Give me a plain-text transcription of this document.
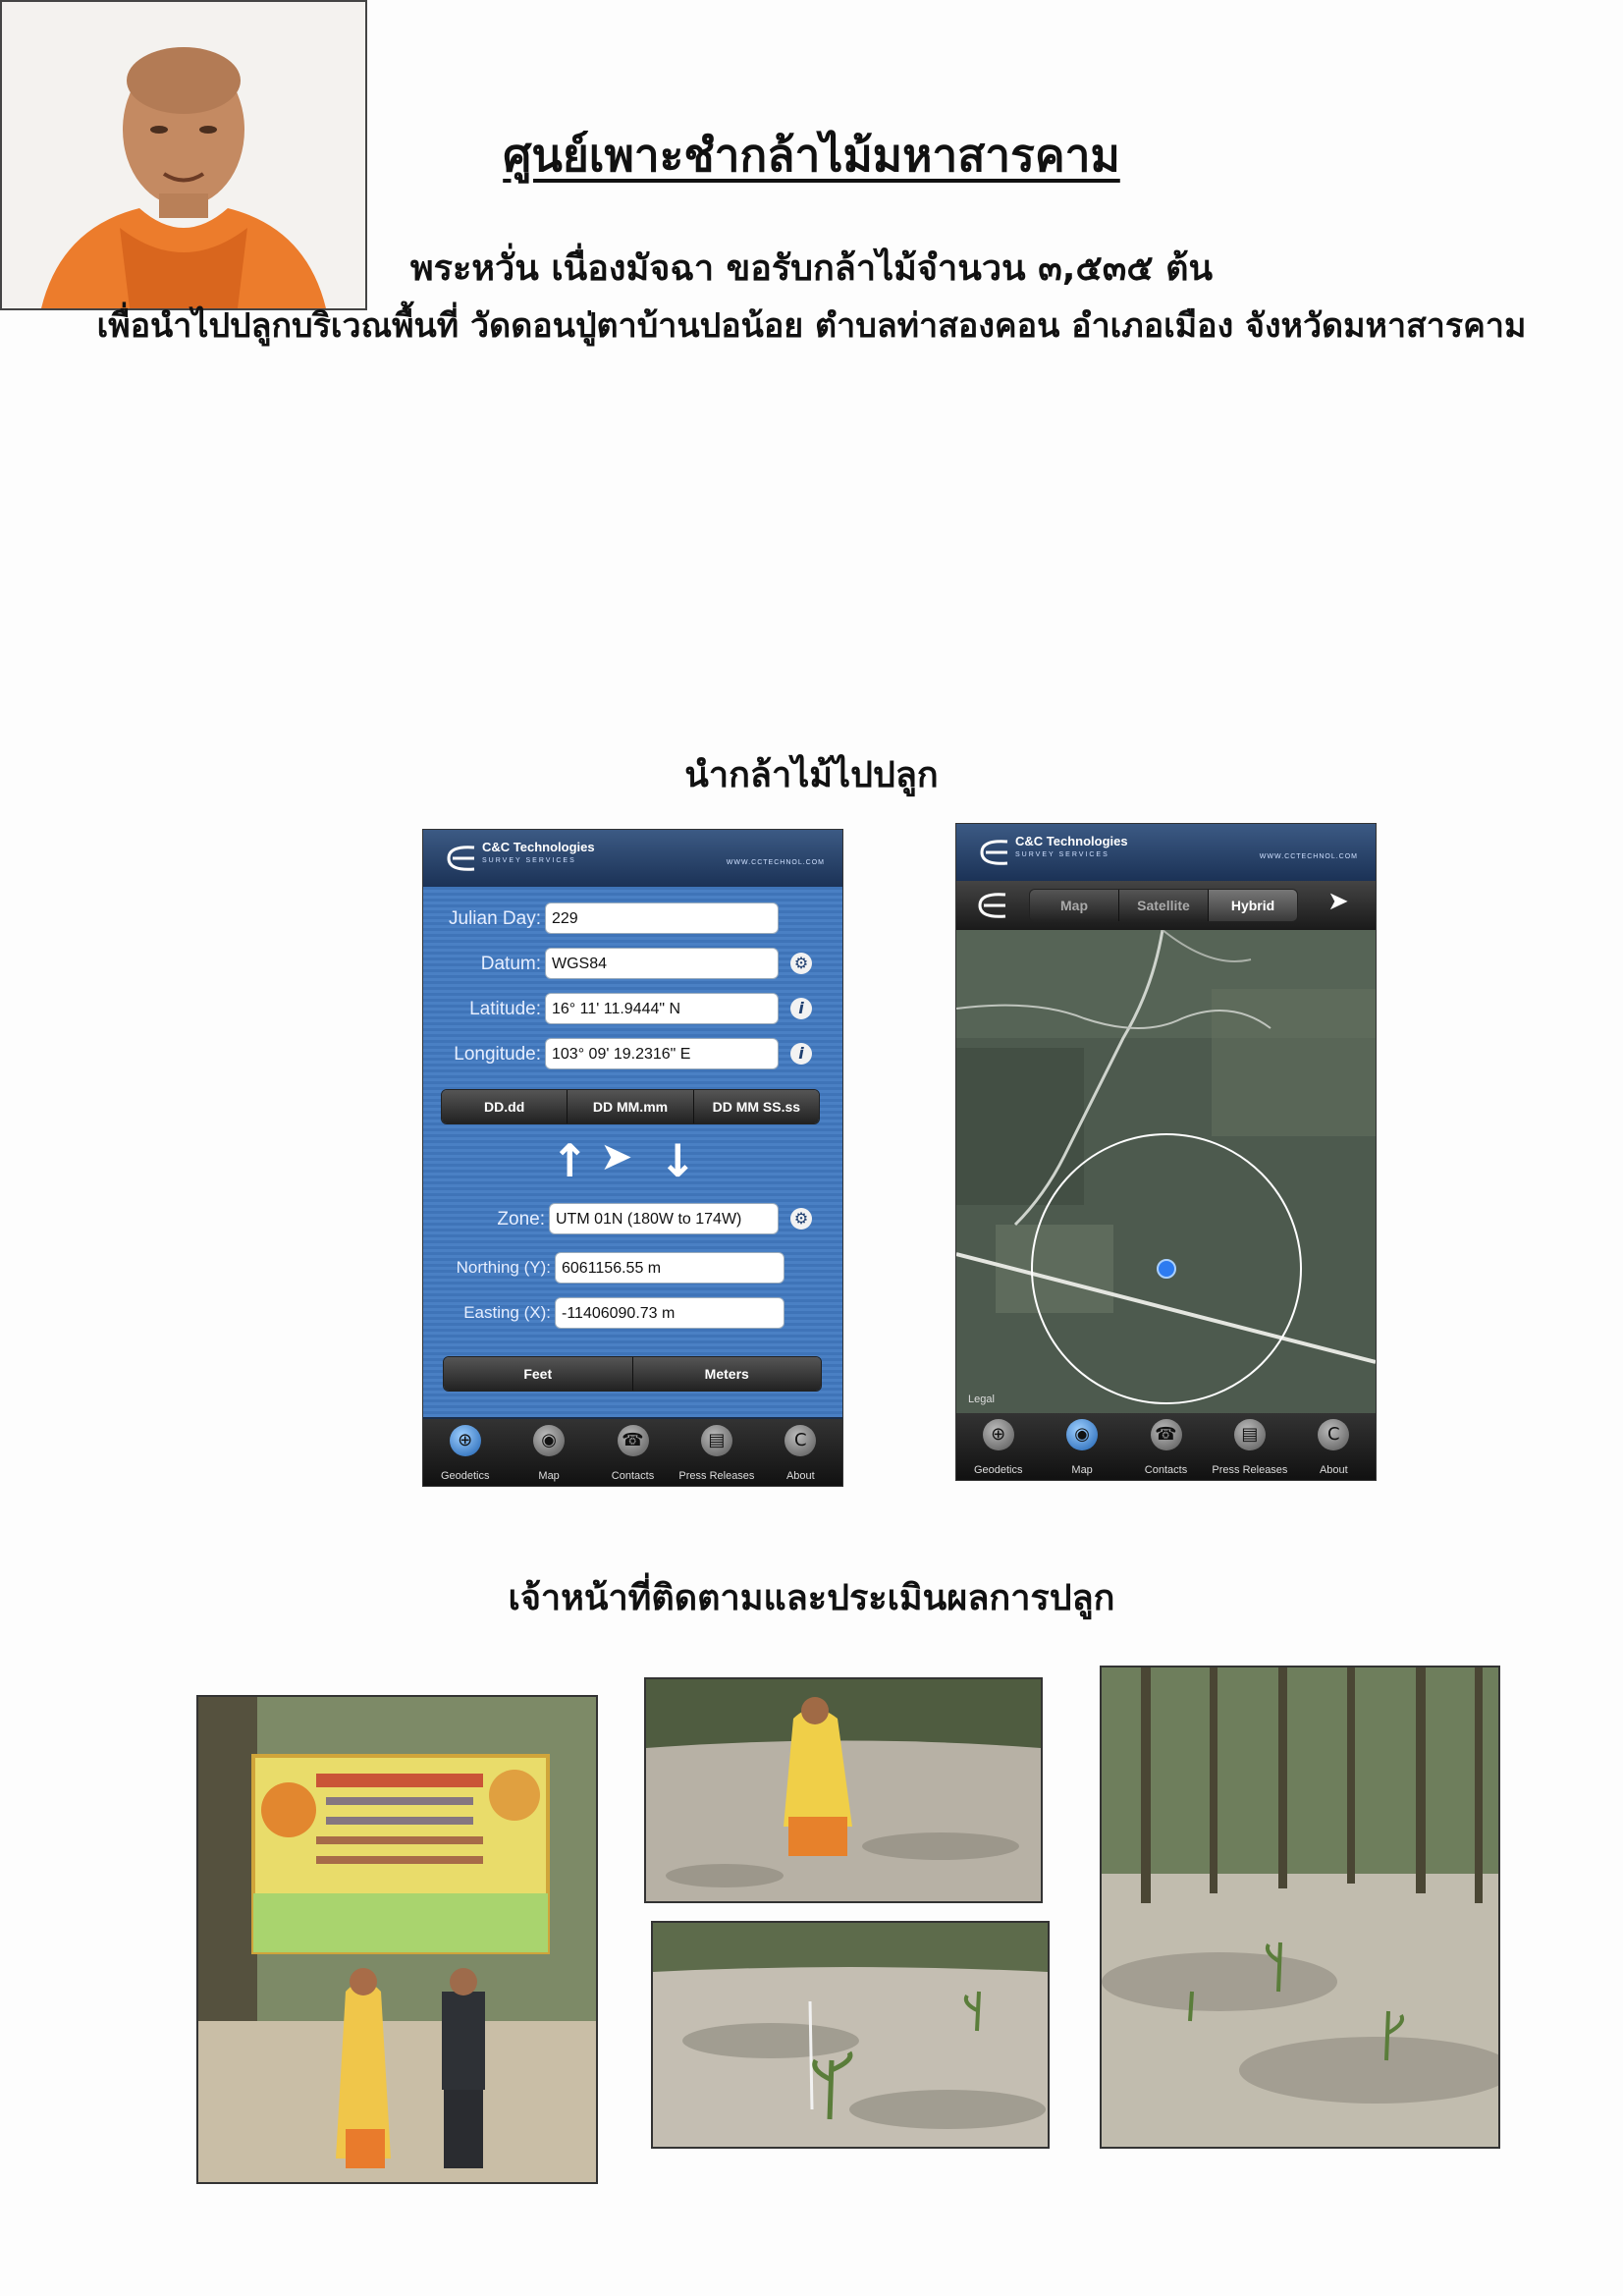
ศูนย์เพาะชำกล้าไม้มหาสารคาม
พระหวั่น เนื่องมัจฉา ขอรับกล้าไม้จำนวน ๓,๕๓๕ ต้น
เพื่อนำไปปลูกบริเวณพื้นที่ วัดดอนปู่ตาบ้านปอน้อย ตำบลท่าสองคอน อำเภอเมือง จังหวัดมหาสารคาม
นำกล้าไม้ไปปลูก
C&C Technologies
SURVEY SERVICES	WWW.CCTECHNOL.COM
Julian Day: 229
Datum: WGS84	⚙
Latitude: 16° 11' 11.9444" N	i
Longitude: 103° 09' 19.2316" E	i
DD.dd	DD MM.mm	DD MM SS.ss
↑ ➤ ↓
Zone: UTM 01N (180W to 174W)	⚙
Northing (Y): 6061156.55 m
Easting (X): -11406090.73 m
Feet	Meters
⊕
Geodetics
◉
Map
☎
Contacts
▤
Press Releases
C
About
C&C Technologies
SURVEY SERVICES	WWW.CCTECHNOL.COM
Map	Satellite	Hybrid	➤
Legal
⊕
Geodetics
◉
Map
☎
Contacts
▤
Press Releases
C
About
เจ้าหน้าที่ติดตามและประเมินผลการปลูก
